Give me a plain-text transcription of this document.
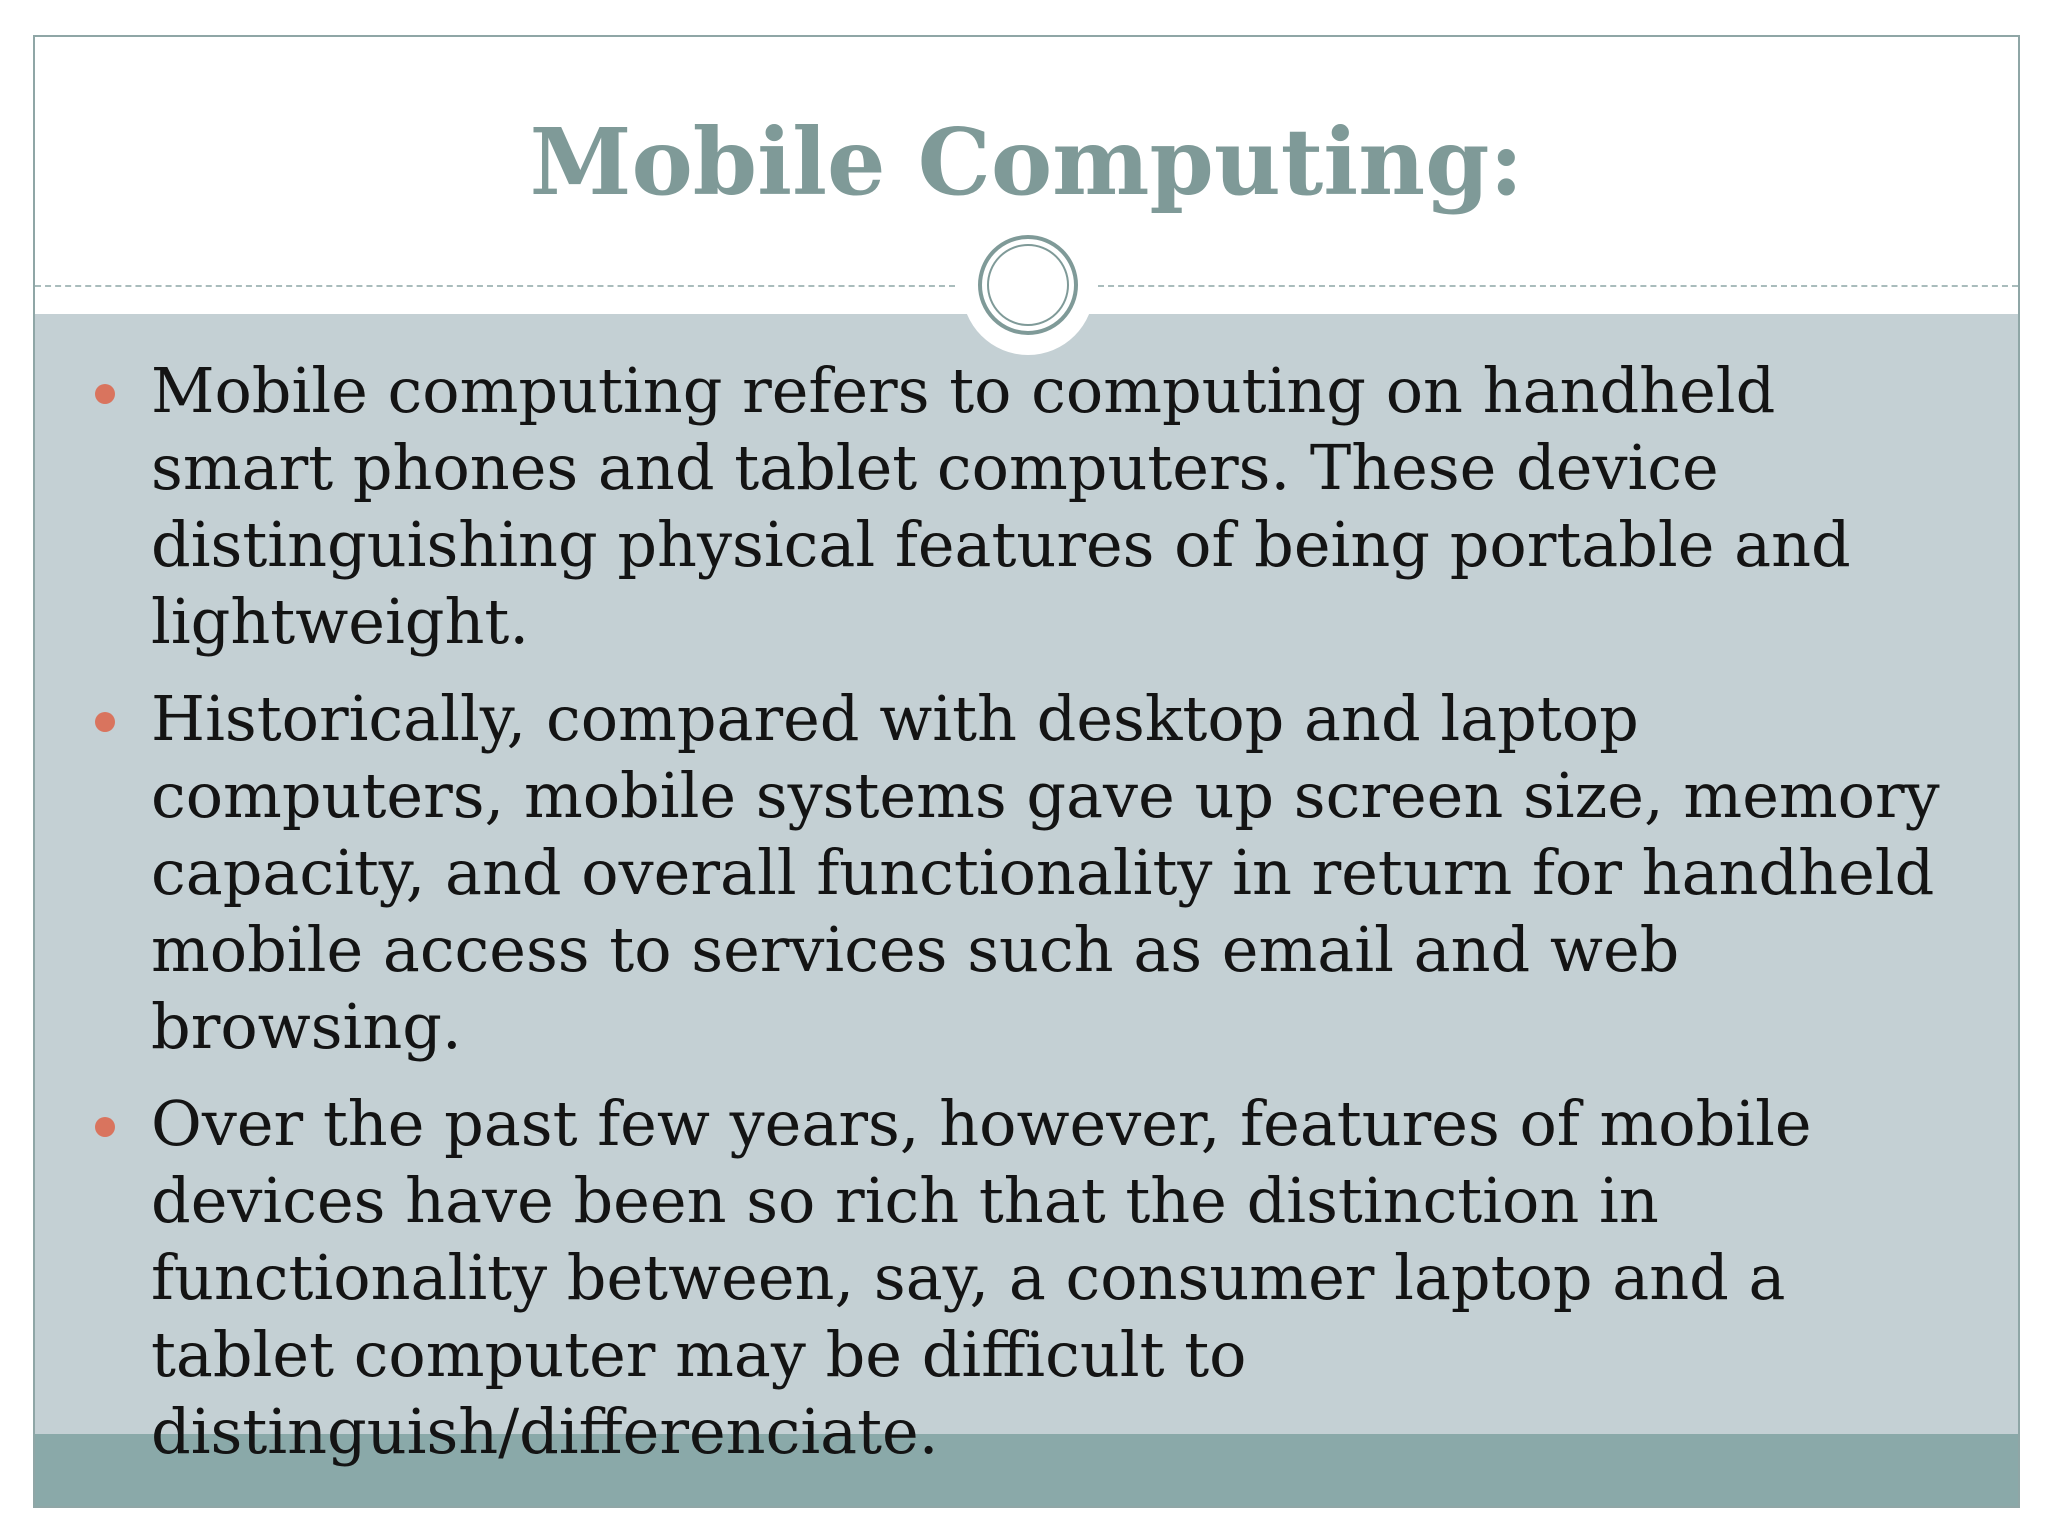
Mobile Computing:
Mobile computing refers to computing on handheld smart phones and tablet computers. These device distinguishing physical features of being portable and lightweight.
Historically, compared with desktop and laptop computers, mobile systems gave up screen size, memory capacity, and overall functionality in return for handheld mobile access to services such as email and web browsing.
Over the past few years, however, features of mobile devices have been so rich that the distinction in functionality between, say, a consumer laptop and a tablet computer may be difficult to distinguish/differenciate.
